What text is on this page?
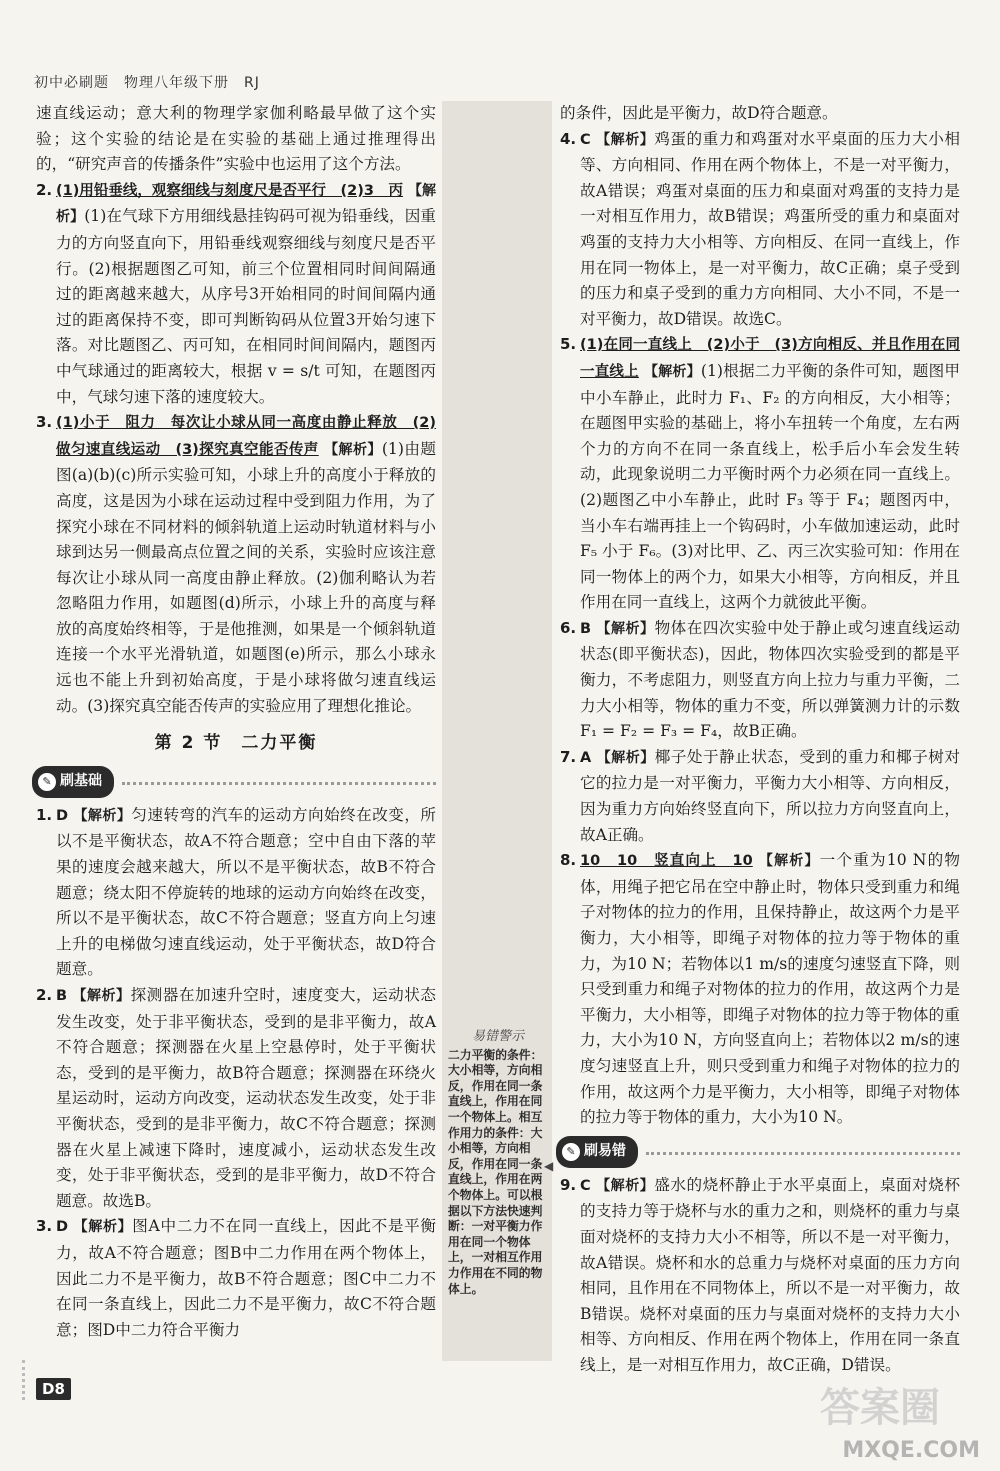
初中必刷题　物理八年级下册　RJ

速直线运动；意大利的物理学家伽利略最早做了这个实验；这个实验的结论是在实验的基础上通过推理得出的，“研究声音的传播条件”实验中也运用了这个方法。

2. (1)用铅垂线，观察细线与刻度尺是否平行　(2)3　丙 【解析】(1)在气球下方用细线悬挂钩码可视为铅垂线，因重力的方向竖直向下，用铅垂线观察细线与刻度尺是否平行。(2)根据题图乙可知，前三个位置相同时间间隔通过的距离越来越大，从序号3开始相同的时间间隔内通过的距离保持不变，即可判断钩码从位置3开始匀速下落。对比题图乙、丙可知，在相同时间间隔内，题图丙中气球通过的距离较大，根据 v = s/t 可知，在题图丙中，气球匀速下落的速度较大。
3. (1)小于　阻力　每次让小球从同一高度由静止释放　(2)做匀速直线运动　(3)探究真空能否传声 【解析】(1)由题图(a)(b)(c)所示实验可知，小球上升的高度小于释放的高度，这是因为小球在运动过程中受到阻力作用，为了探究小球在不同材料的倾斜轨道上运动时轨道材料与小球到达另一侧最高点位置之间的关系，实验时应该注意每次让小球从同一高度由静止释放。(2)伽利略认为若忽略阻力作用，如题图(d)所示，小球上升的高度与释放的高度始终相等，于是他推测，如果是一个倾斜轨道连接一个水平光滑轨道，如题图(e)所示，那么小球永远也不能上升到初始高度，于是小球将做匀速直线运动。(3)探究真空能否传声的实验应用了理想化推论。
第 2 节　二力平衡
✎ 刷基础
1. D 【解析】匀速转弯的汽车的运动方向始终在改变，所以不是平衡状态，故A不符合题意；空中自由下落的苹果的速度会越来越大，所以不是平衡状态，故B不符合题意；绕太阳不停旋转的地球的运动方向始终在改变，所以不是平衡状态，故C不符合题意；竖直方向上匀速上升的电梯做匀速直线运动，处于平衡状态，故D符合题意。
2. B 【解析】探测器在加速升空时，速度变大，运动状态发生改变，处于非平衡状态，受到的是非平衡力，故A不符合题意；探测器在火星上空悬停时，处于平衡状态，受到的是平衡力，故B符合题意；探测器在环绕火星运动时，运动方向改变，运动状态发生改变，处于非平衡状态，受到的是非平衡力，故C不符合题意；探测器在火星上减速下降时，速度减小，运动状态发生改变，处于非平衡状态，受到的是非平衡力，故D不符合题意。故选B。
3. D 【解析】图A中二力不在同一直线上，因此不是平衡力，故A不符合题意；图B中二力作用在两个物体上，因此二力不是平衡力，故B不符合题意；图C中二力不在同一条直线上，因此二力不是平衡力，故C不符合题意；图D中二力符合平衡力
易错警示
二力平衡的条件：大小相等，方向相反，作用在同一条直线上，作用在同一个物体上。相互作用力的条件：大小相等，方向相反，作用在同一条直线上，作用在两个物体上。可以根据以下方法快速判断：一对平衡力作用在同一个物体上，一对相互作用力作用在不同的物体上。
◀

的条件，因此是平衡力，故D符合题意。

4. C 【解析】鸡蛋的重力和鸡蛋对水平桌面的压力大小相等、方向相同、作用在两个物体上，不是一对平衡力，故A错误；鸡蛋对桌面的压力和桌面对鸡蛋的支持力是一对相互作用力，故B错误；鸡蛋所受的重力和桌面对鸡蛋的支持力大小相等、方向相反、在同一直线上，作用在同一物体上，是一对平衡力，故C正确；桌子受到的压力和桌子受到的重力方向相同、大小不同，不是一对平衡力，故D错误。故选C。
5. (1)在同一直线上　(2)小于　(3)方向相反、并且作用在同一直线上 【解析】(1)根据二力平衡的条件可知，题图甲中小车静止，此时力 F₁、F₂ 的方向相反，大小相等；在题图甲实验的基础上，将小车扭转一个角度，左右两个力的方向不在同一条直线上，松手后小车会发生转动，此现象说明二力平衡时两个力必须在同一直线上。(2)题图乙中小车静止，此时 F₃ 等于 F₄；题图丙中，当小车右端再挂上一个钩码时，小车做加速运动，此时 F₅ 小于 F₆。(3)对比甲、乙、丙三次实验可知：作用在同一物体上的两个力，如果大小相等，方向相反，并且作用在同一直线上，这两个力就彼此平衡。
6. B 【解析】物体在四次实验中处于静止或匀速直线运动状态(即平衡状态)，因此，物体四次实验受到的都是平衡力，不考虑阻力，则竖直方向上拉力与重力平衡，二力大小相等，物体的重力不变，所以弹簧测力计的示数 F₁ = F₂ = F₃ = F₄，故B正确。
7. A 【解析】椰子处于静止状态，受到的重力和椰子树对它的拉力是一对平衡力，平衡力大小相等、方向相反，因为重力方向始终竖直向下，所以拉力方向竖直向上，故A正确。
8. 10　10　竖直向上　10 【解析】一个重为10 N的物体，用绳子把它吊在空中静止时，物体只受到重力和绳子对物体的拉力的作用，且保持静止，故这两个力是平衡力，大小相等，即绳子对物体的拉力等于物体的重力，为10 N；若物体以1 m/s的速度匀速竖直下降，则只受到重力和绳子对物体的拉力的作用，故这两个力是平衡力，大小相等，即绳子对物体的拉力等于物体的重力，大小为10 N，方向竖直向上；若物体以2 m/s的速度匀速竖直上升，则只受到重力和绳子对物体的拉力的作用，故这两个力是平衡力，大小相等，即绳子对物体的拉力等于物体的重力，大小为10 N。
✎ 刷易错
9. C 【解析】盛水的烧杯静止于水平桌面上，桌面对烧杯的支持力等于烧杯与水的重力之和，则烧杯的重力与桌面对烧杯的支持力大小不相等，所以不是一对平衡力，故A错误。烧杯和水的总重力与烧杯对桌面的压力方向相同，且作用在不同物体上，所以不是一对平衡力，故B错误。烧杯对桌面的压力与桌面对烧杯的支持力大小相等、方向相反、作用在两个物体上，作用在同一条直线上，是一对相互作用力，故C正确，D错误。
D8	答案圈
MXQE.COM
